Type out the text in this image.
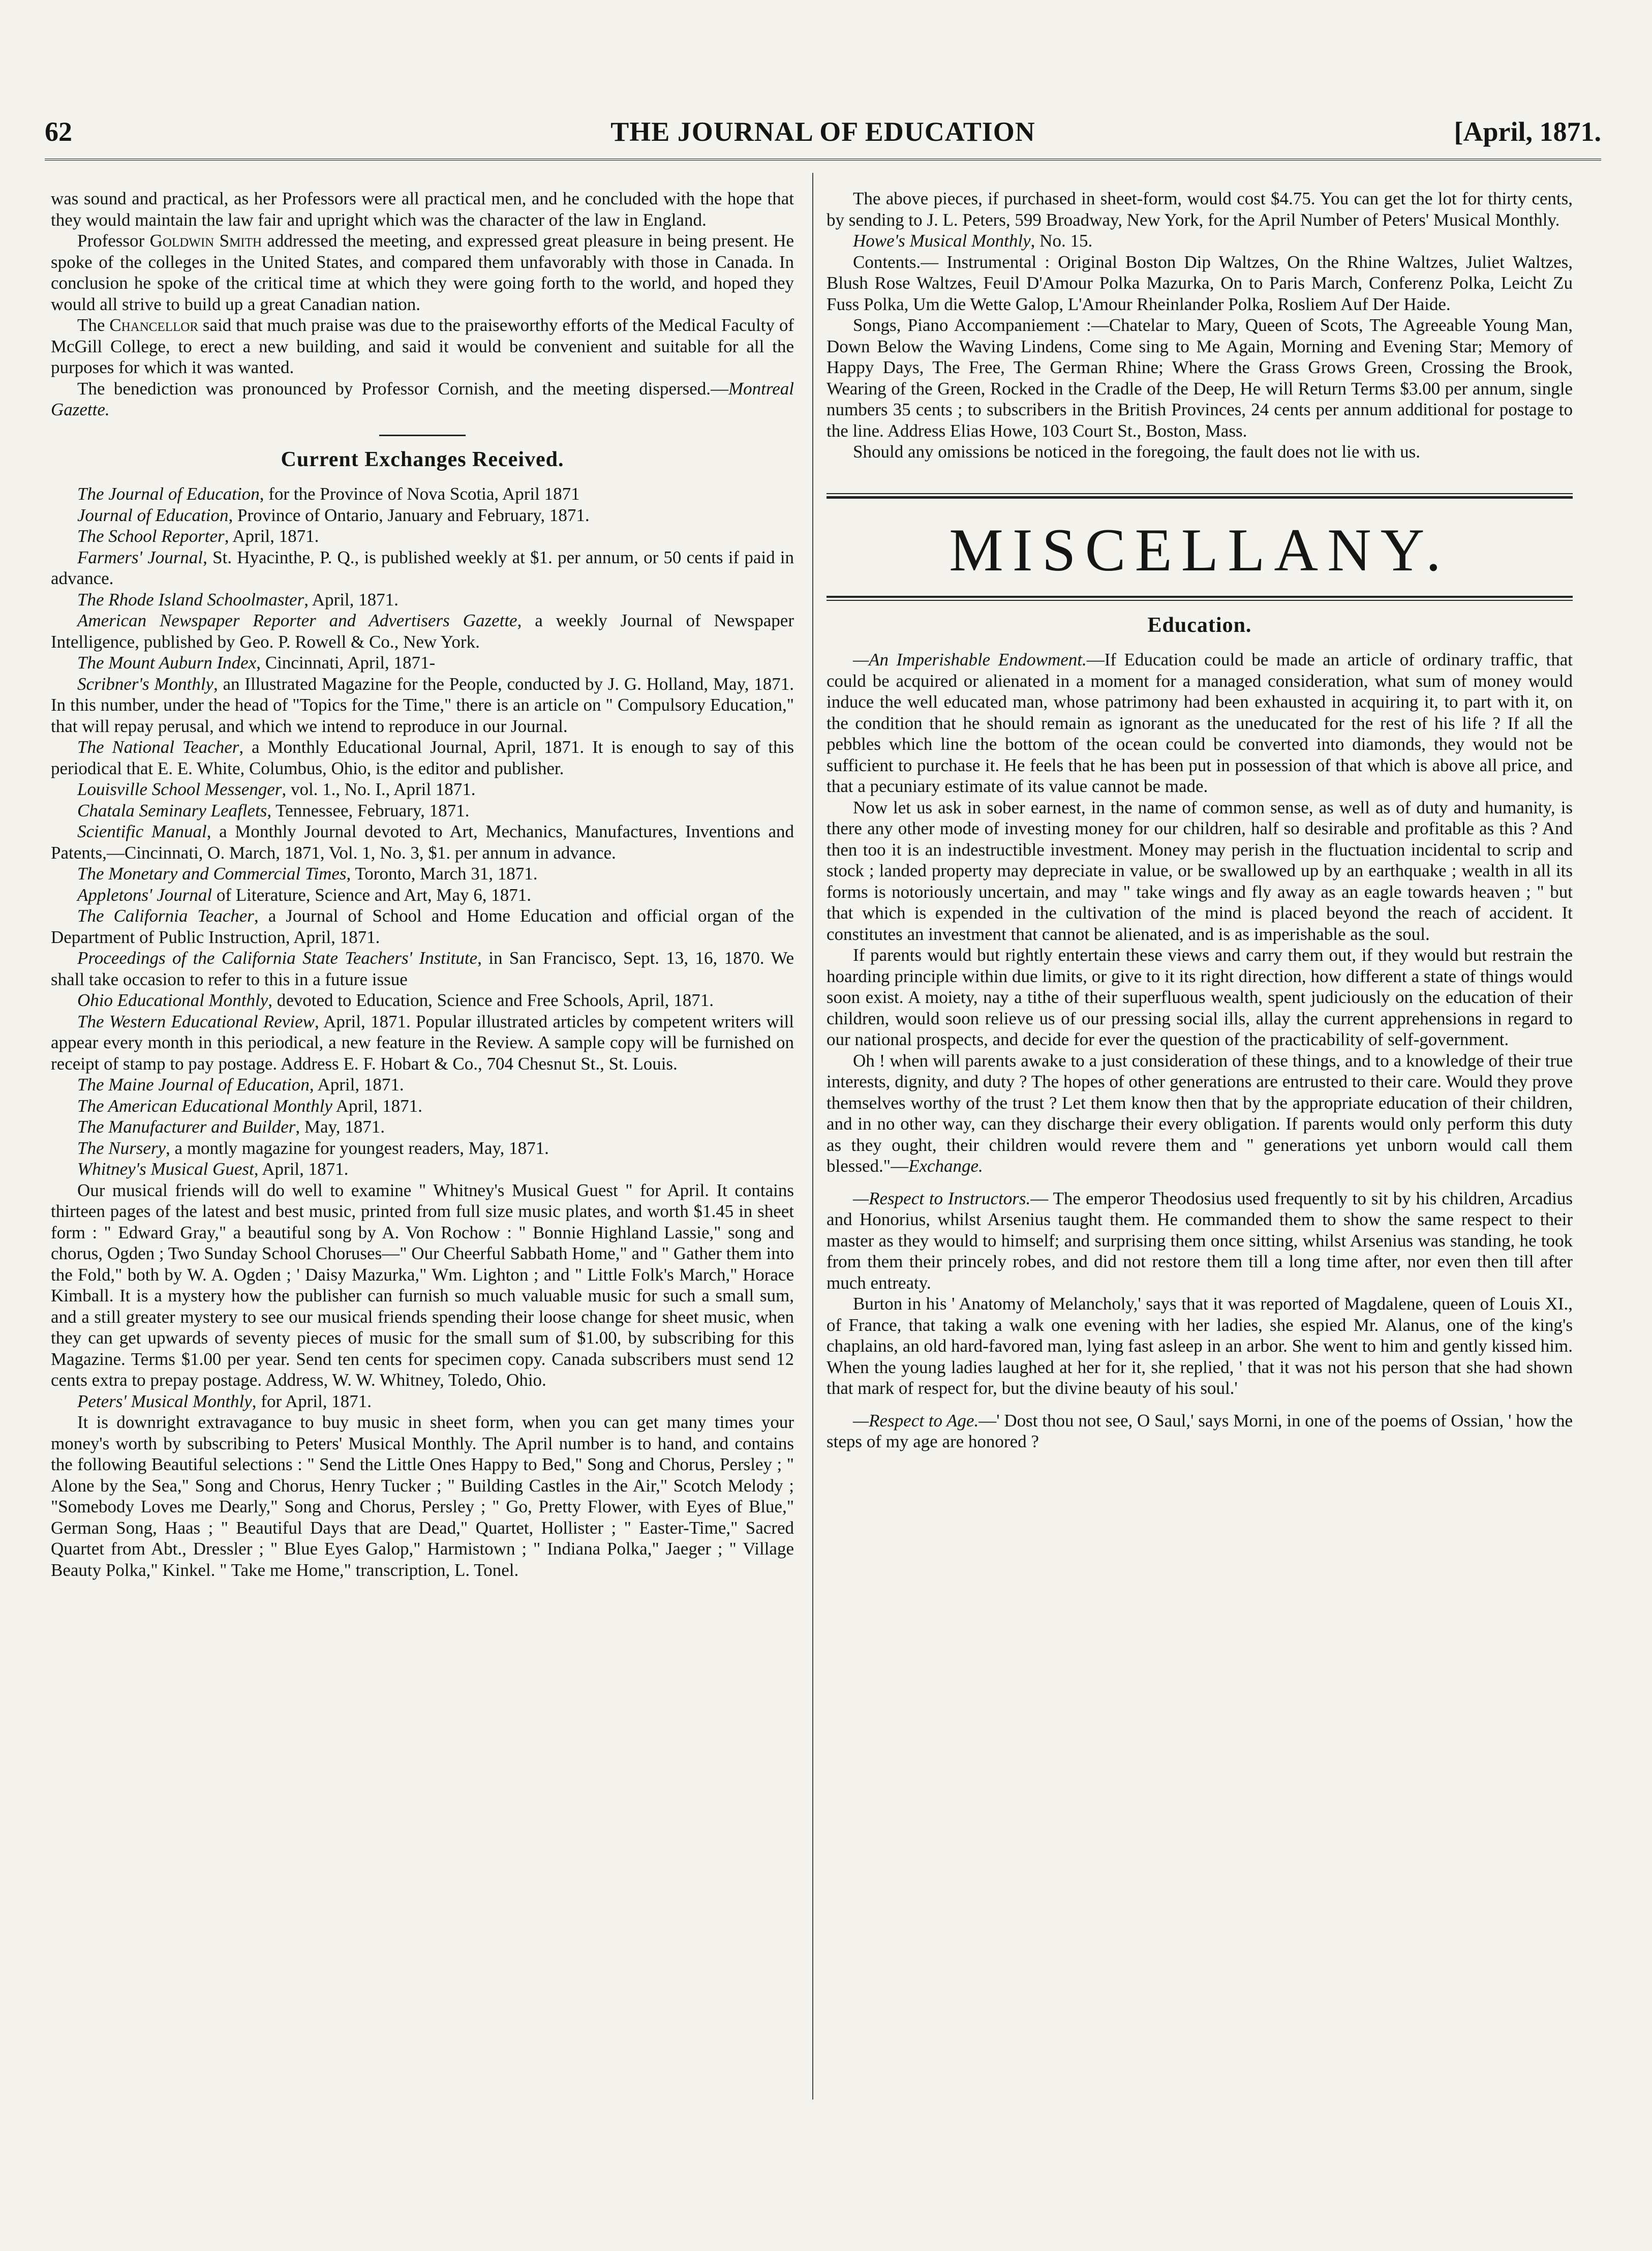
62	THE JOURNAL OF EDUCATION	[April, 1871.

was sound and practical, as her Professors were all practical men, and he concluded with the hope that they would maintain the law fair and upright which was the character of the law in England.

Professor Goldwin Smith addressed the meeting, and expressed great pleasure in being present. He spoke of the colleges in the United States, and compared them unfavorably with those in Canada. In conclusion he spoke of the critical time at which they were going forth to the world, and hoped they would all strive to build up a great Canadian nation.

The Chancellor said that much praise was due to the praiseworthy efforts of the Medical Faculty of McGill College, to erect a new building, and said it would be convenient and suitable for all the purposes for which it was wanted.

The benediction was pronounced by Professor Cornish, and the meeting dispersed.—Montreal Gazette.

Current Exchanges Received.

The Journal of Education, for the Province of Nova Scotia, April 1871

Journal of Education, Province of Ontario, January and February, 1871.

The School Reporter, April, 1871.

Farmers' Journal, St. Hyacinthe, P. Q., is published weekly at $1. per annum, or 50 cents if paid in advance.

The Rhode Island Schoolmaster, April, 1871.

American Newspaper Reporter and Advertisers Gazette, a weekly Journal of Newspaper Intelligence, published by Geo. P. Rowell & Co., New York.

The Mount Auburn Index, Cincinnati, April, 1871-

Scribner's Monthly, an Illustrated Magazine for the People, conducted by J. G. Holland, May, 1871. In this number, under the head of "Topics for the Time," there is an article on " Compulsory Education," that will repay perusal, and which we intend to reproduce in our Journal.

The National Teacher, a Monthly Educational Journal, April, 1871. It is enough to say of this periodical that E. E. White, Columbus, Ohio, is the editor and publisher.

Louisville School Messenger, vol. 1., No. I., April 1871.

Chatala Seminary Leaflets, Tennessee, February, 1871.

Scientific Manual, a Monthly Journal devoted to Art, Mechanics, Manufactures, Inventions and Patents,—Cincinnati, O. March, 1871, Vol. 1, No. 3, $1. per annum in advance.

The Monetary and Commercial Times, Toronto, March 31, 1871.

Appletons' Journal of Literature, Science and Art, May 6, 1871.

The California Teacher, a Journal of School and Home Education and official organ of the Department of Public Instruction, April, 1871.

Proceedings of the California State Teachers' Institute, in San Francisco, Sept. 13, 16, 1870. We shall take occasion to refer to this in a future issue

Ohio Educational Monthly, devoted to Education, Science and Free Schools, April, 1871.

The Western Educational Review, April, 1871. Popular illustrated articles by competent writers will appear every month in this periodical, a new feature in the Review. A sample copy will be furnished on receipt of stamp to pay postage. Address E. F. Hobart & Co., 704 Chesnut St., St. Louis.

The Maine Journal of Education, April, 1871.

The American Educational Monthly April, 1871.

The Manufacturer and Builder, May, 1871.

The Nursery, a montly magazine for youngest readers, May, 1871.

Whitney's Musical Guest, April, 1871.

Our musical friends will do well to examine " Whitney's Musical Guest " for April. It contains thirteen pages of the latest and best music, printed from full size music plates, and worth $1.45 in sheet form : " Edward Gray," a beautiful song by A. Von Rochow : " Bonnie Highland Lassie," song and chorus, Ogden ; Two Sunday School Choruses—" Our Cheerful Sabbath Home," and " Gather them into the Fold," both by W. A. Ogden ; ' Daisy Mazurka," Wm. Lighton ; and " Little Folk's March," Horace Kimball. It is a mystery how the publisher can furnish so much valuable music for such a small sum, and a still greater mystery to see our musical friends spending their loose change for sheet music, when they can get upwards of seventy pieces of music for the small sum of $1.00, by subscribing for this Magazine. Terms $1.00 per year. Send ten cents for specimen copy. Canada subscribers must send 12 cents extra to prepay postage. Address, W. W. Whitney, Toledo, Ohio.

Peters' Musical Monthly, for April, 1871.

It is downright extravagance to buy music in sheet form, when you can get many times your money's worth by subscribing to Peters' Musical Monthly. The April number is to hand, and contains the following Beautiful selections : " Send the Little Ones Happy to Bed," Song and Chorus, Persley ; " Alone by the Sea," Song and Chorus, Henry Tucker ; " Building Castles in the Air," Scotch Melody ; "Somebody Loves me Dearly," Song and Chorus, Persley ; " Go, Pretty Flower, with Eyes of Blue," German Song, Haas ; " Beautiful Days that are Dead," Quartet, Hollister ; " Easter-Time," Sacred Quartet from Abt., Dressler ; " Blue Eyes Galop," Harmistown ; " Indiana Polka," Jaeger ; " Village Beauty Polka," Kinkel. " Take me Home," transcription, L. Tonel.

The above pieces, if purchased in sheet-form, would cost $4.75. You can get the lot for thirty cents, by sending to J. L. Peters, 599 Broadway, New York, for the April Number of Peters' Musical Monthly.

Howe's Musical Monthly, No. 15.

Contents.— Instrumental : Original Boston Dip Waltzes, On the Rhine Waltzes, Juliet Waltzes, Blush Rose Waltzes, Feuil D'Amour Polka Mazurka, On to Paris March, Conferenz Polka, Leicht Zu Fuss Polka, Um die Wette Galop, L'Amour Rheinlander Polka, Rosliem Auf Der Haide.

Songs, Piano Accompaniement :—Chatelar to Mary, Queen of Scots, The Agreeable Young Man, Down Below the Waving Lindens, Come sing to Me Again, Morning and Evening Star; Memory of Happy Days, The Free, The German Rhine; Where the Grass Grows Green, Crossing the Brook, Wearing of the Green, Rocked in the Cradle of the Deep, He will Return Terms $3.00 per annum, single numbers 35 cents ; to subscribers in the British Provinces, 24 cents per annum additional for postage to the line. Address Elias Howe, 103 Court St., Boston, Mass.

Should any omissions be noticed in the foregoing, the fault does not lie with us.

MISCELLANY.

Education.

—An Imperishable Endowment.—If Education could be made an article of ordinary traffic, that could be acquired or alienated in a moment for a managed consideration, what sum of money would induce the well educated man, whose patrimony had been exhausted in acquiring it, to part with it, on the condition that he should remain as ignorant as the uneducated for the rest of his life ? If all the pebbles which line the bottom of the ocean could be converted into diamonds, they would not be sufficient to purchase it. He feels that he has been put in possession of that which is above all price, and that a pecuniary estimate of its value cannot be made.

Now let us ask in sober earnest, in the name of common sense, as well as of duty and humanity, is there any other mode of investing money for our children, half so desirable and profitable as this ? And then too it is an indestructible investment. Money may perish in the fluctuation incidental to scrip and stock ; landed property may depreciate in value, or be swallowed up by an earthquake ; wealth in all its forms is notoriously uncertain, and may " take wings and fly away as an eagle towards heaven ; " but that which is expended in the cultivation of the mind is placed beyond the reach of accident. It constitutes an investment that cannot be alienated, and is as imperishable as the soul.

If parents would but rightly entertain these views and carry them out, if they would but restrain the hoarding principle within due limits, or give to it its right direction, how different a state of things would soon exist. A moiety, nay a tithe of their superfluous wealth, spent judiciously on the education of their children, would soon relieve us of our pressing social ills, allay the current apprehensions in regard to our national prospects, and decide for ever the question of the practicability of self-government.

Oh ! when will parents awake to a just consideration of these things, and to a knowledge of their true interests, dignity, and duty ? The hopes of other generations are entrusted to their care. Would they prove themselves worthy of the trust ? Let them know then that by the appropriate education of their children, and in no other way, can they discharge their every obligation. If parents would only perform this duty as they ought, their children would revere them and " generations yet unborn would call them blessed."—Exchange.

—Respect to Instructors.— The emperor Theodosius used frequently to sit by his children, Arcadius and Honorius, whilst Arsenius taught them. He commanded them to show the same respect to their master as they would to himself; and surprising them once sitting, whilst Arsenius was standing, he took from them their princely robes, and did not restore them till a long time after, nor even then till after much entreaty.

Burton in his ' Anatomy of Melancholy,' says that it was reported of Magdalene, queen of Louis XI., of France, that taking a walk one evening with her ladies, she espied Mr. Alanus, one of the king's chaplains, an old hard-favored man, lying fast asleep in an arbor. She went to him and gently kissed him. When the young ladies laughed at her for it, she replied, ' that it was not his person that she had shown that mark of respect for, but the divine beauty of his soul.'

—Respect to Age.—' Dost thou not see, O Saul,' says Morni, in one of the poems of Ossian, ' how the steps of my age are honored ?
